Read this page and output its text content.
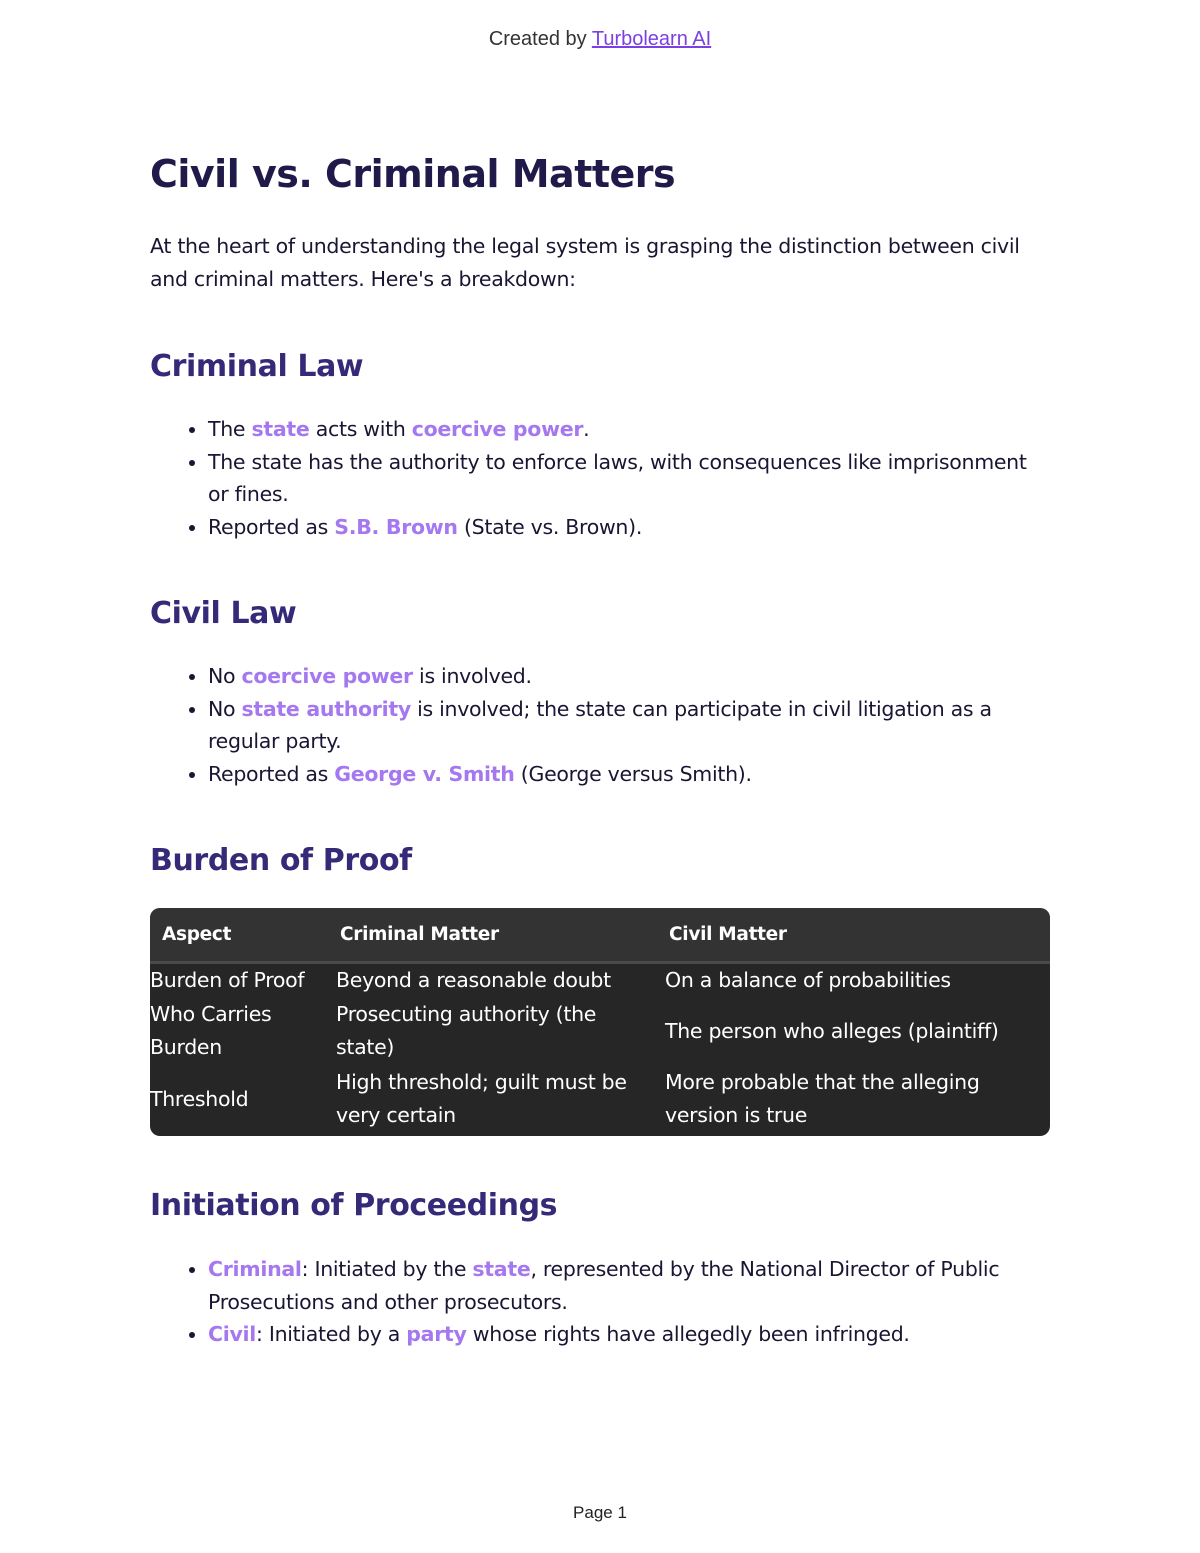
Created by Turbolearn AI
Civil vs. Criminal Matters

At the heart of understanding the legal system is grasping the distinction between civil and criminal matters. Here's a breakdown:

Criminal Law
• The state acts with coercive power.
• The state has the authority to enforce laws, with consequences like imprisonment or fines.
• Reported as S.B. Brown (State vs. Brown).
Civil Law
• No coercive power is involved.
• No state authority is involved; the state can participate in civil litigation as a regular party.
• Reported as George v. Smith (George versus Smith).
Burden of Proof
Aspect	Criminal Matter	Civil Matter
Burden of Proof	Beyond a reasonable doubt	On a balance of probabilities
Who Carries Burden	Prosecuting authority (the state)	The person who alleges (plaintiff)
Threshold	High threshold; guilt must be very certain	More probable that the alleging version is true
Initiation of Proceedings
• Criminal: Initiated by the state, represented by the National Director of Public Prosecutions and other prosecutors.
• Civil: Initiated by a party whose rights have allegedly been infringed.
Page 1
